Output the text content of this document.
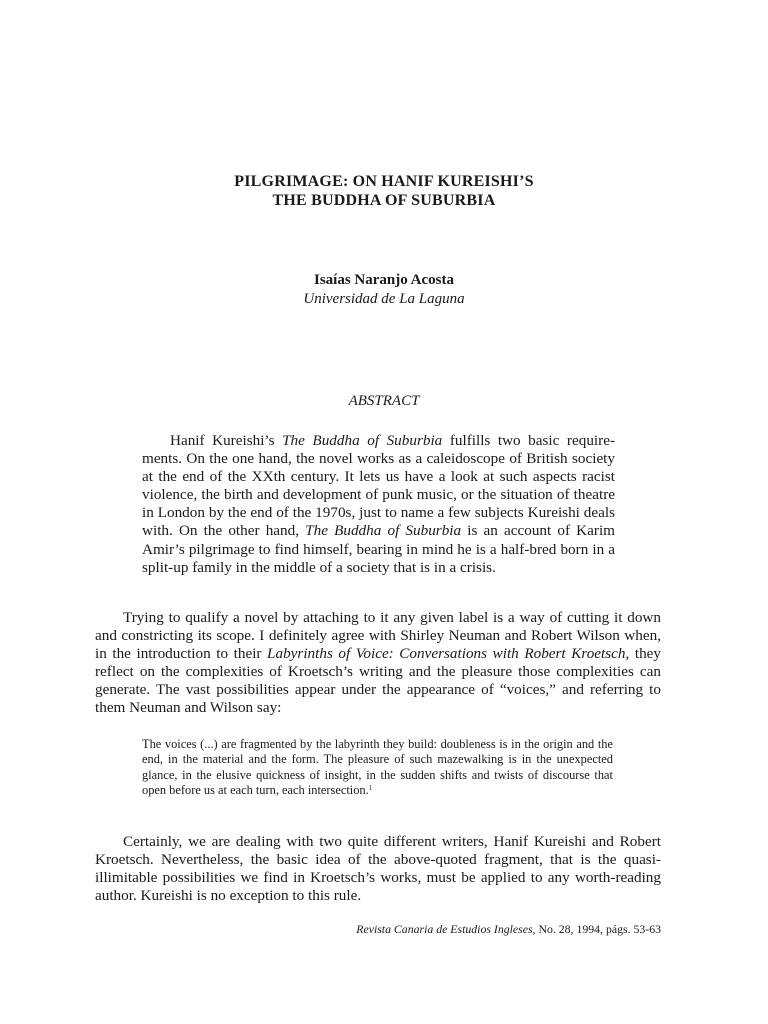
PILGRIMAGE: ON HANIF KUREISHI’S
THE BUDDHA OF SUBURBIA
Isaías Naranjo Acosta
Universidad de La Laguna
ABSTRACT

Hanif Kureishi’s The Buddha of Suburbia fulfills two basic requirements. On the one hand, the novel works as a caleidoscope of British society at the end of the XXth century. It lets us have a look at such aspects racist violence, the birth and development of punk music, or the situation of theatre in London by the end of the 1970s, just to name a few subjects Kureishi deals with. On the other hand, The Buddha of Suburbia is an account of Karim Amir’s pilgrimage to find himself, bearing in mind he is a half-bred born in a split-up family in the middle of a society that is in a crisis.

Trying to qualify a novel by attaching to it any given label is a way of cutting it down and constricting its scope. I definitely agree with Shirley Neuman and Robert Wilson when, in the introduction to their Labyrinths of Voice: Conversations with Robert Kroetsch, they reflect on the complexities of Kroetsch’s writing and the pleasure those complexities can generate. The vast possibilities appear under the appearance of “voices,” and referring to them Neuman and Wilson say:

The voices (...) are fragmented by the labyrinth they build: doubleness is in the origin and the end, in the material and the form. The pleasure of such mazewalking is in the unexpected glance, in the elusive quickness of insight, in the sudden shifts and twists of discourse that open before us at each turn, each intersection.$^1$

Certainly, we are dealing with two quite different writers, Hanif Kureishi and Robert Kroetsch. Nevertheless, the basic idea of the above-quoted fragment, that is the quasi-illimitable possibilities we find in Kroetsch’s works, must be applied to any worth-reading author. Kureishi is no exception to this rule.

Revista Canaria de Estudios Ingleses, No. 28, 1994, págs. 53-63
